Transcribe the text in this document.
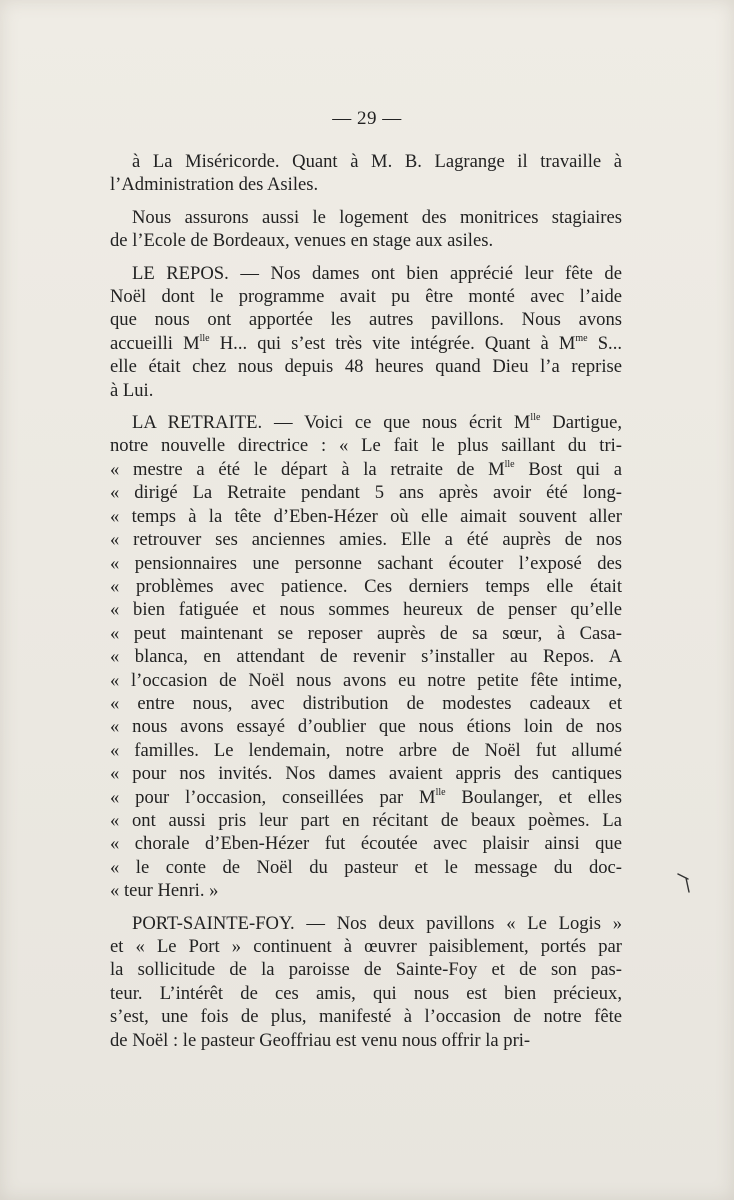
— 29 —

à La Miséricorde. Quant à M. B. Lagrange il travaille à
l’Administration des Asiles.

Nous assurons aussi le logement des monitrices stagiaires
de l’Ecole de Bordeaux, venues en stage aux asiles.

LE REPOS. — Nos dames ont bien apprécié leur fête de
Noël dont le programme avait pu être monté avec l’aide
que nous ont apportée les autres pavillons. Nous avons
accueilli $M^{lle}$ H... qui s’est très vite intégrée. Quant à $M^{me}$ S...
elle était chez nous depuis 48 heures quand Dieu l’a reprise
à Lui.

LA RETRAITE. — Voici ce que nous écrit $M^{lle}$ Dartigue,
notre nouvelle directrice : « Le fait le plus saillant du tri-
« mestre a été le départ à la retraite de $M^{lle}$ Bost qui a
« dirigé La Retraite pendant 5 ans après avoir été long-
« temps à la tête d’Eben-Hézer où elle aimait souvent aller
« retrouver ses anciennes amies. Elle a été auprès de nos
« pensionnaires une personne sachant écouter l’exposé des
« problèmes avec patience. Ces derniers temps elle était
« bien fatiguée et nous sommes heureux de penser qu’elle
« peut maintenant se reposer auprès de sa sœur, à Casa-
« blanca, en attendant de revenir s’installer au Repos. A
« l’occasion de Noël nous avons eu notre petite fête intime,
« entre nous, avec distribution de modestes cadeaux et
« nous avons essayé d’oublier que nous étions loin de nos
« familles. Le lendemain, notre arbre de Noël fut allumé
« pour nos invités. Nos dames avaient appris des cantiques
« pour l’occasion, conseillées par $M^{lle}$ Boulanger, et elles
« ont aussi pris leur part en récitant de beaux poèmes. La
« chorale d’Eben-Hézer fut écoutée avec plaisir ainsi que
« le conte de Noël du pasteur et le message du doc-
« teur Henri. »

PORT-SAINTE-FOY. — Nos deux pavillons « Le Logis »
et « Le Port » continuent à œuvrer paisiblement, portés par
la sollicitude de la paroisse de Sainte-Foy et de son pas-
teur. L’intérêt de ces amis, qui nous est bien précieux,
s’est, une fois de plus, manifesté à l’occasion de notre fête
de Noël : le pasteur Geoffriau est venu nous offrir la pri-
